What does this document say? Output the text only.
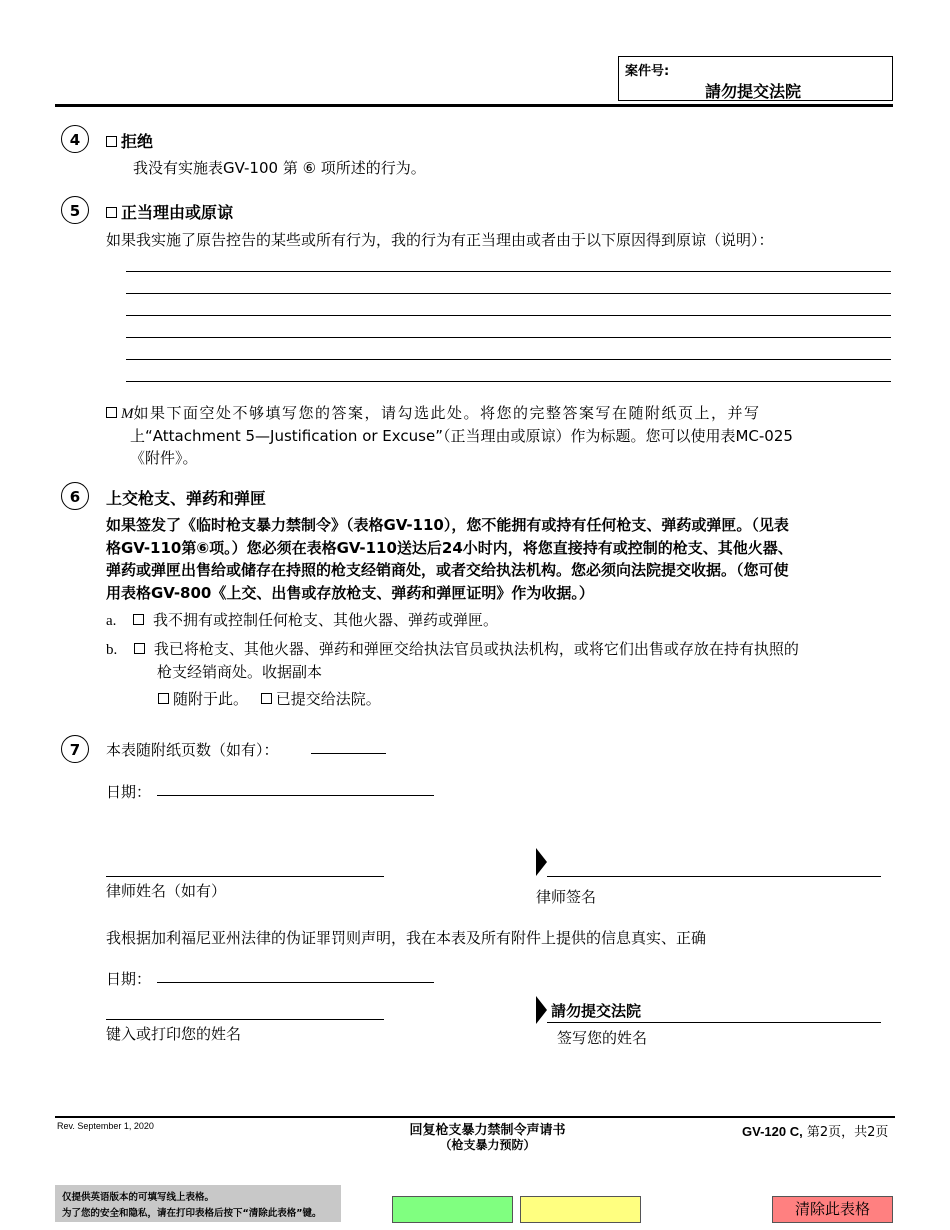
案件号:
請勿提交法院
4	拒绝
我没有实施表GV-100 第 ⑥ 项所述的行为。
5	正当理由或原谅
如果我实施了原告控告的某些或所有行为，我的行为有正当理由或者由于以下原因得到原谅（说明）：
M如果下面空处不够填写您的答案，请勾选此处。将您的完整答案写在随附纸页上，并写
上“Attachment 5—Justification or Excuse”（正当理由或原谅）作为标题。您可以使用表MC-025
《附件》。
6	上交枪支、弹药和弹匣
如果签发了《临时枪支暴力禁制令》（表格GV-110），您不能拥有或持有任何枪支、弹药或弹匣。（见表
格GV-110第⑥项。）您必须在表格GV-110送达后24小时内，将您直接持有或控制的枪支、其他火器、
弹药或弹匣出售给或储存在持照的枪支经销商处，或者交给执法机构。您必须向法院提交收据。（您可使
用表格GV-800《上交、出售或存放枪支、弹药和弹匣证明》作为收据。）
a. 我不拥有或控制任何枪支、其他火器、弹药或弹匣。
b. 我已将枪支、其他火器、弹药和弹匣交给执法官员或执法机构，或将它们出售或存放在持有执照的
枪支经销商处。收据副本
随附于此。 已提交给法院。
7	本表随附纸页数（如有）：
日期：
律师姓名（如有）	律师签名
我根据加利福尼亚州法律的伪证罪罚则声明，我在本表及所有附件上提供的信息真实、正确
日期：
請勿提交法院
签写您的姓名
键入或打印您的姓名
Rev. September 1, 2020	回复枪支暴力禁制令声请书
（枪支暴力预防）
GV-120 C, 第2页，共2页
仅提供英语版本的可填写线上表格。
为了您的安全和隐私，请在打印表格后按下“清除此表格”键。	清除此表格
